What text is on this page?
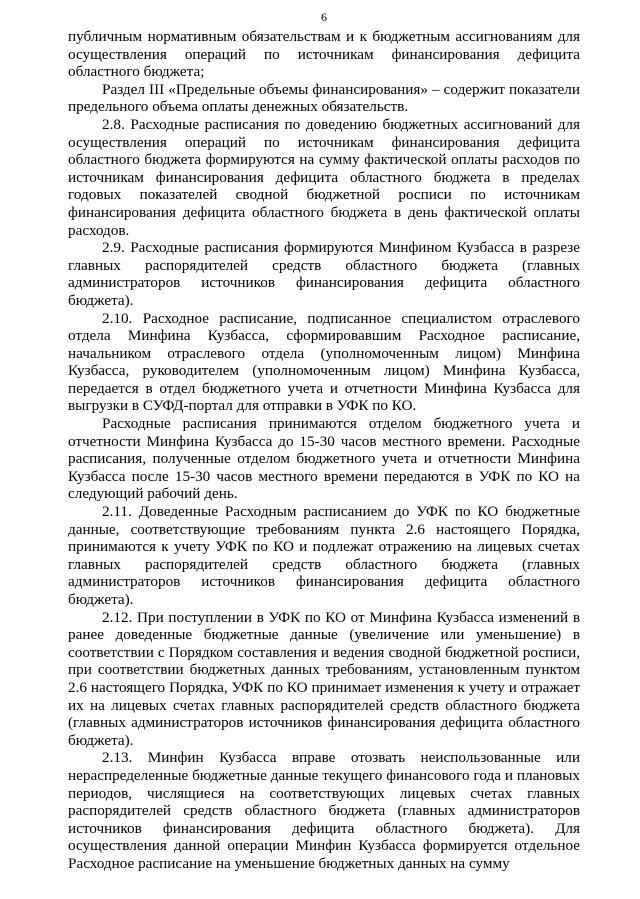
6

публичным нормативным обязательствам и к бюджетным ассигнованиям для осуществления операций по источникам финансирования дефицита областного бюджета;

Раздел III «Предельные объемы финансирования» – содержит показатели предельного объема оплаты денежных обязательств.

2.8. Расходные расписания по доведению бюджетных ассигнований для осуществления операций по источникам финансирования дефицита областного бюджета формируются на сумму фактической оплаты расходов по источникам финансирования дефицита областного бюджета в пределах годовых показателей сводной бюджетной росписи по источникам финансирования дефицита областного бюджета в день фактической оплаты расходов.

2.9. Расходные расписания формируются Минфином Кузбасса в разрезе главных распорядителей средств областного бюджета (главных администраторов источников финансирования дефицита областного бюджета).

2.10. Расходное расписание, подписанное специалистом отраслевого отдела Минфина Кузбасса, сформировавшим Расходное расписание, начальником отраслевого отдела (уполномоченным лицом) Минфина Кузбасса, руководителем (уполномоченным лицом) Минфина Кузбасса, передается в отдел бюджетного учета и отчетности Минфина Кузбасса для выгрузки в СУФД-портал для отправки в УФК по КО.

Расходные расписания принимаются отделом бюджетного учета и отчетности Минфина Кузбасса до 15-30 часов местного времени. Расходные расписания, полученные отделом бюджетного учета и отчетности Минфина Кузбасса после 15-30 часов местного времени передаются в УФК по КО на следующий рабочий день.

2.11. Доведенные Расходным расписанием до УФК по КО бюджетные данные, соответствующие требованиям пункта 2.6 настоящего Порядка, принимаются к учету УФК по КО и подлежат отражению на лицевых счетах главных распорядителей средств областного бюджета (главных администраторов источников финансирования дефицита областного бюджета).

2.12. При поступлении в УФК по КО от Минфина Кузбасса изменений в ранее доведенные бюджетные данные (увеличение или уменьшение) в соответствии с Порядком составления и ведения сводной бюджетной росписи, при соответствии бюджетных данных требованиям, установленным пунктом 2.6 настоящего Порядка, УФК по КО принимает изменения к учету и отражает их на лицевых счетах главных распорядителей средств областного бюджета (главных администраторов источников финансирования дефицита областного бюджета).

2.13. Минфин Кузбасса вправе отозвать неиспользованные или нераспределенные бюджетные данные текущего финансового года и плановых периодов, числящиеся на соответствующих лицевых счетах главных распорядителей средств областного бюджета (главных администраторов источников финансирования дефицита областного бюджета). Для осуществления данной операции Минфин Кузбасса формируется отдельное Расходное расписание на уменьшение бюджетных данных на сумму
